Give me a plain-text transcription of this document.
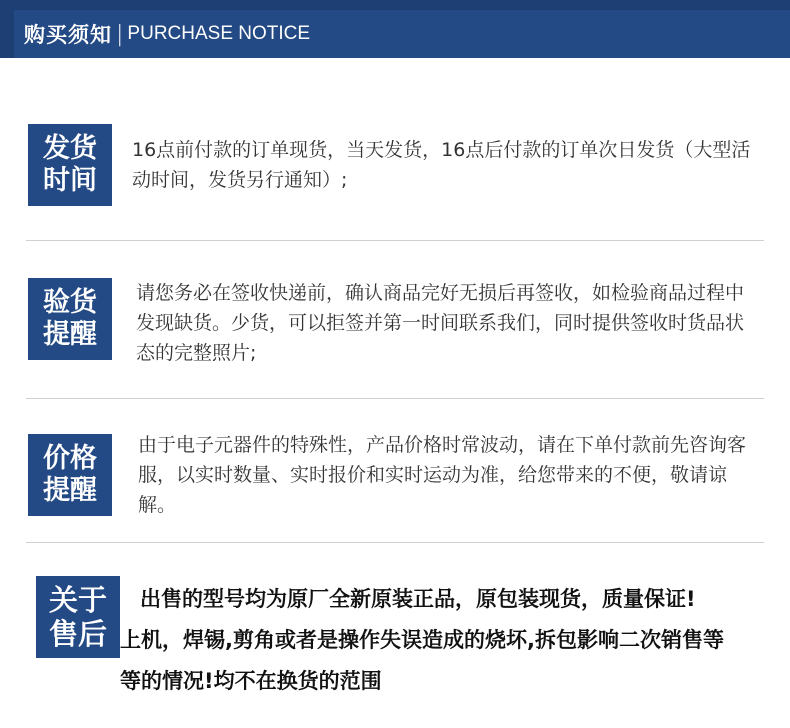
购买须知 | PURCHASE NOTICE
发货
时间
16点前付款的订单现货，当天发货，16点后付款的订单次日发货（大型活动时间，发货另行通知）;
验货
提醒
请您务必在签收快递前，确认商品完好无损后再签收，如检验商品过程中发现缺货。少货，可以拒签并第一时间联系我们，同时提供签收时货品状态的完整照片;
价格
提醒
由于电子元器件的特殊性，产品价格时常波动，请在下单付款前先咨询客服，以实时数量、实时报价和实时运动为准，给您带来的不便，敬请谅解。
关于
售后
出售的型号均为原厂全新原装正品，原包装现货，质量保证!
上机，焊锡,剪角或者是操作失误造成的烧坏,拆包影响二次销售等
等的情况!均不在换货的范围
